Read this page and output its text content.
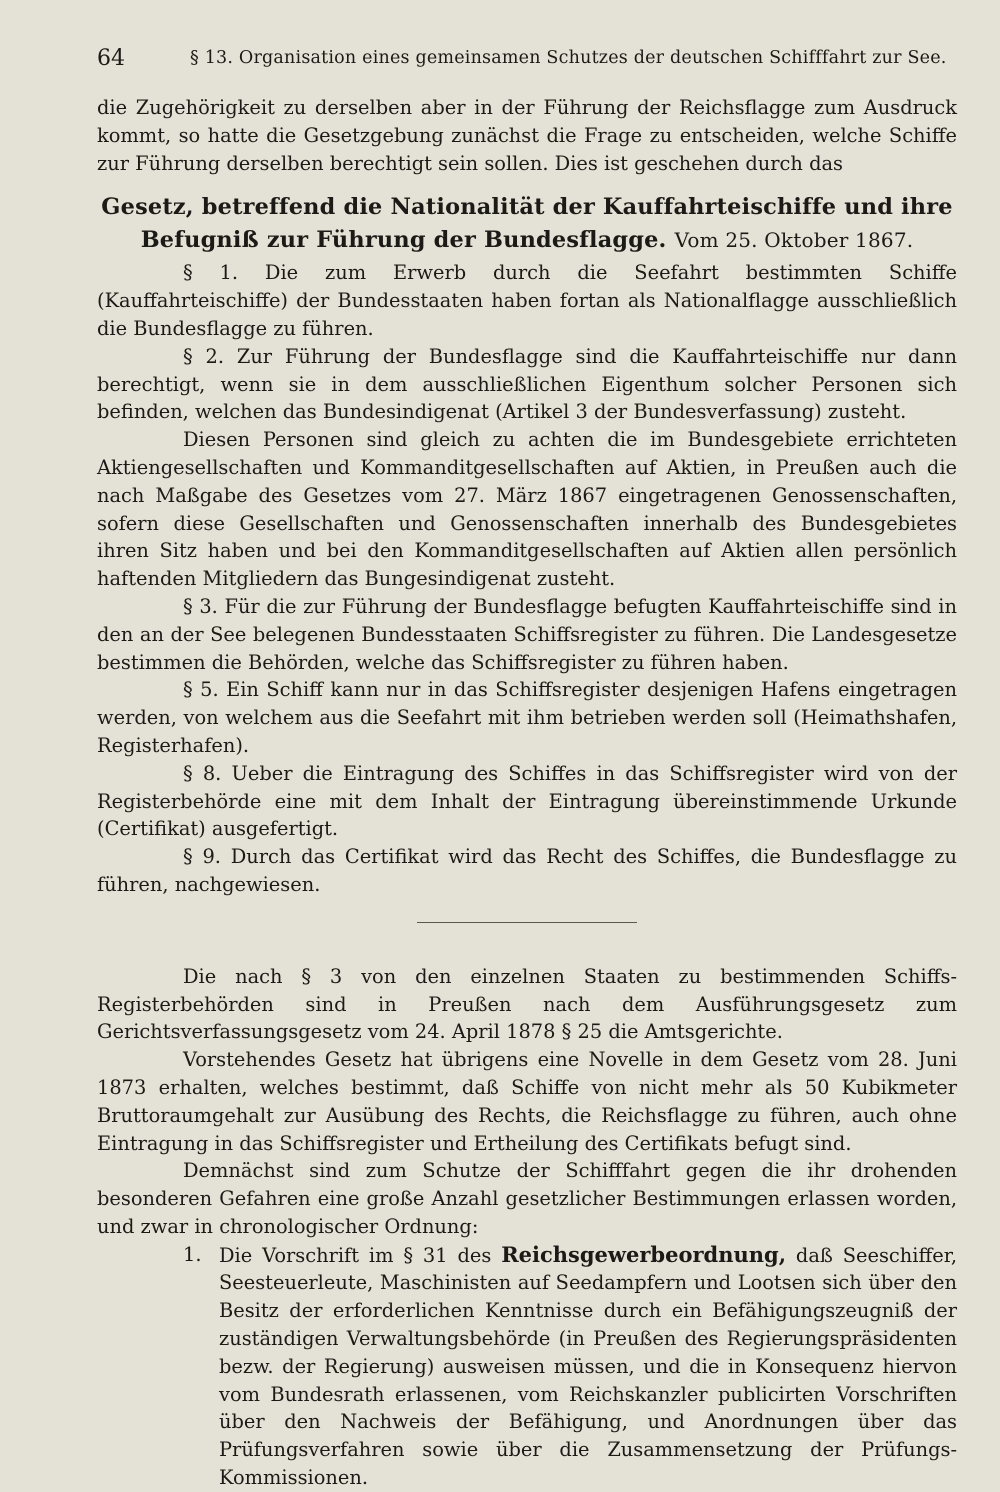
64	§ 13. Organisation eines gemeinsamen Schutzes der deutschen Schifffahrt zur See.

die Zugehörigkeit zu derselben aber in der Führung der Reichsflagge zum Ausdruck kommt, so hatte die Gesetzgebung zunächst die Frage zu entscheiden, welche Schiffe zur Führung derselben berechtigt sein sollen. Dies ist geschehen durch das

Gesetz, betreffend die Nationalität der Kauffahrteischiffe und ihre Befugniß zur Führung der Bundesflagge. Vom 25. Oktober 1867.

§ 1. Die zum Erwerb durch die Seefahrt bestimmten Schiffe (Kauffahrteischiffe) der Bundesstaaten haben fortan als Nationalflagge ausschließlich die Bundesflagge zu führen.

§ 2. Zur Führung der Bundesflagge sind die Kauffahrteischiffe nur dann berechtigt, wenn sie in dem ausschließlichen Eigenthum solcher Personen sich befinden, welchen das Bundesindigenat (Artikel 3 der Bundesverfassung) zusteht.

Diesen Personen sind gleich zu achten die im Bundesgebiete errichteten Aktiengesellschaften und Kommanditgesellschaften auf Aktien, in Preußen auch die nach Maßgabe des Gesetzes vom 27. März 1867 eingetragenen Genossenschaften, sofern diese Gesellschaften und Genossenschaften innerhalb des Bundesgebietes ihren Sitz haben und bei den Kommanditgesellschaften auf Aktien allen persönlich haftenden Mitgliedern das Bungesindigenat zusteht.

§ 3. Für die zur Führung der Bundesflagge befugten Kauffahrteischiffe sind in den an der See belegenen Bundesstaaten Schiffsregister zu führen. Die Landesgesetze bestimmen die Behörden, welche das Schiffsregister zu führen haben.

§ 5. Ein Schiff kann nur in das Schiffsregister desjenigen Hafens eingetragen werden, von welchem aus die Seefahrt mit ihm betrieben werden soll (Heimathshafen, Registerhafen).

§ 8. Ueber die Eintragung des Schiffes in das Schiffsregister wird von der Registerbehörde eine mit dem Inhalt der Eintragung übereinstimmende Urkunde (Certifikat) ausgefertigt.

§ 9. Durch das Certifikat wird das Recht des Schiffes, die Bundesflagge zu führen, nachgewiesen.

Die nach § 3 von den einzelnen Staaten zu bestimmenden Schiffs-Registerbehörden sind in Preußen nach dem Ausführungsgesetz zum Gerichtsverfassungsgesetz vom 24. April 1878 § 25 die Amtsgerichte.

Vorstehendes Gesetz hat übrigens eine Novelle in dem Gesetz vom 28. Juni 1873 erhalten, welches bestimmt, daß Schiffe von nicht mehr als 50 Kubikmeter Bruttoraumgehalt zur Ausübung des Rechts, die Reichsflagge zu führen, auch ohne Eintragung in das Schiffsregister und Ertheilung des Certifikats befugt sind.

Demnächst sind zum Schutze der Schifffahrt gegen die ihr drohenden besonderen Gefahren eine große Anzahl gesetzlicher Bestimmungen erlassen worden, und zwar in chronologischer Ordnung:

1. Die Vorschrift im § 31 des Reichsgewerbeordnung, daß Seeschiffer, Seesteuerleute, Maschinisten auf Seedampfern und Lootsen sich über den Besitz der erforderlichen Kenntnisse durch ein Befähigungszeugniß der zuständigen Verwaltungsbehörde (in Preußen des Regierungspräsidenten bezw. der Regierung) ausweisen müssen, und die in Konsequenz hiervon vom Bundesrath erlassenen, vom Reichskanzler publicirten Vorschriften über den Nachweis der Befähigung, und Anordnungen über das Prüfungsverfahren sowie über die Zusammensetzung der Prüfungs-Kommissionen.
